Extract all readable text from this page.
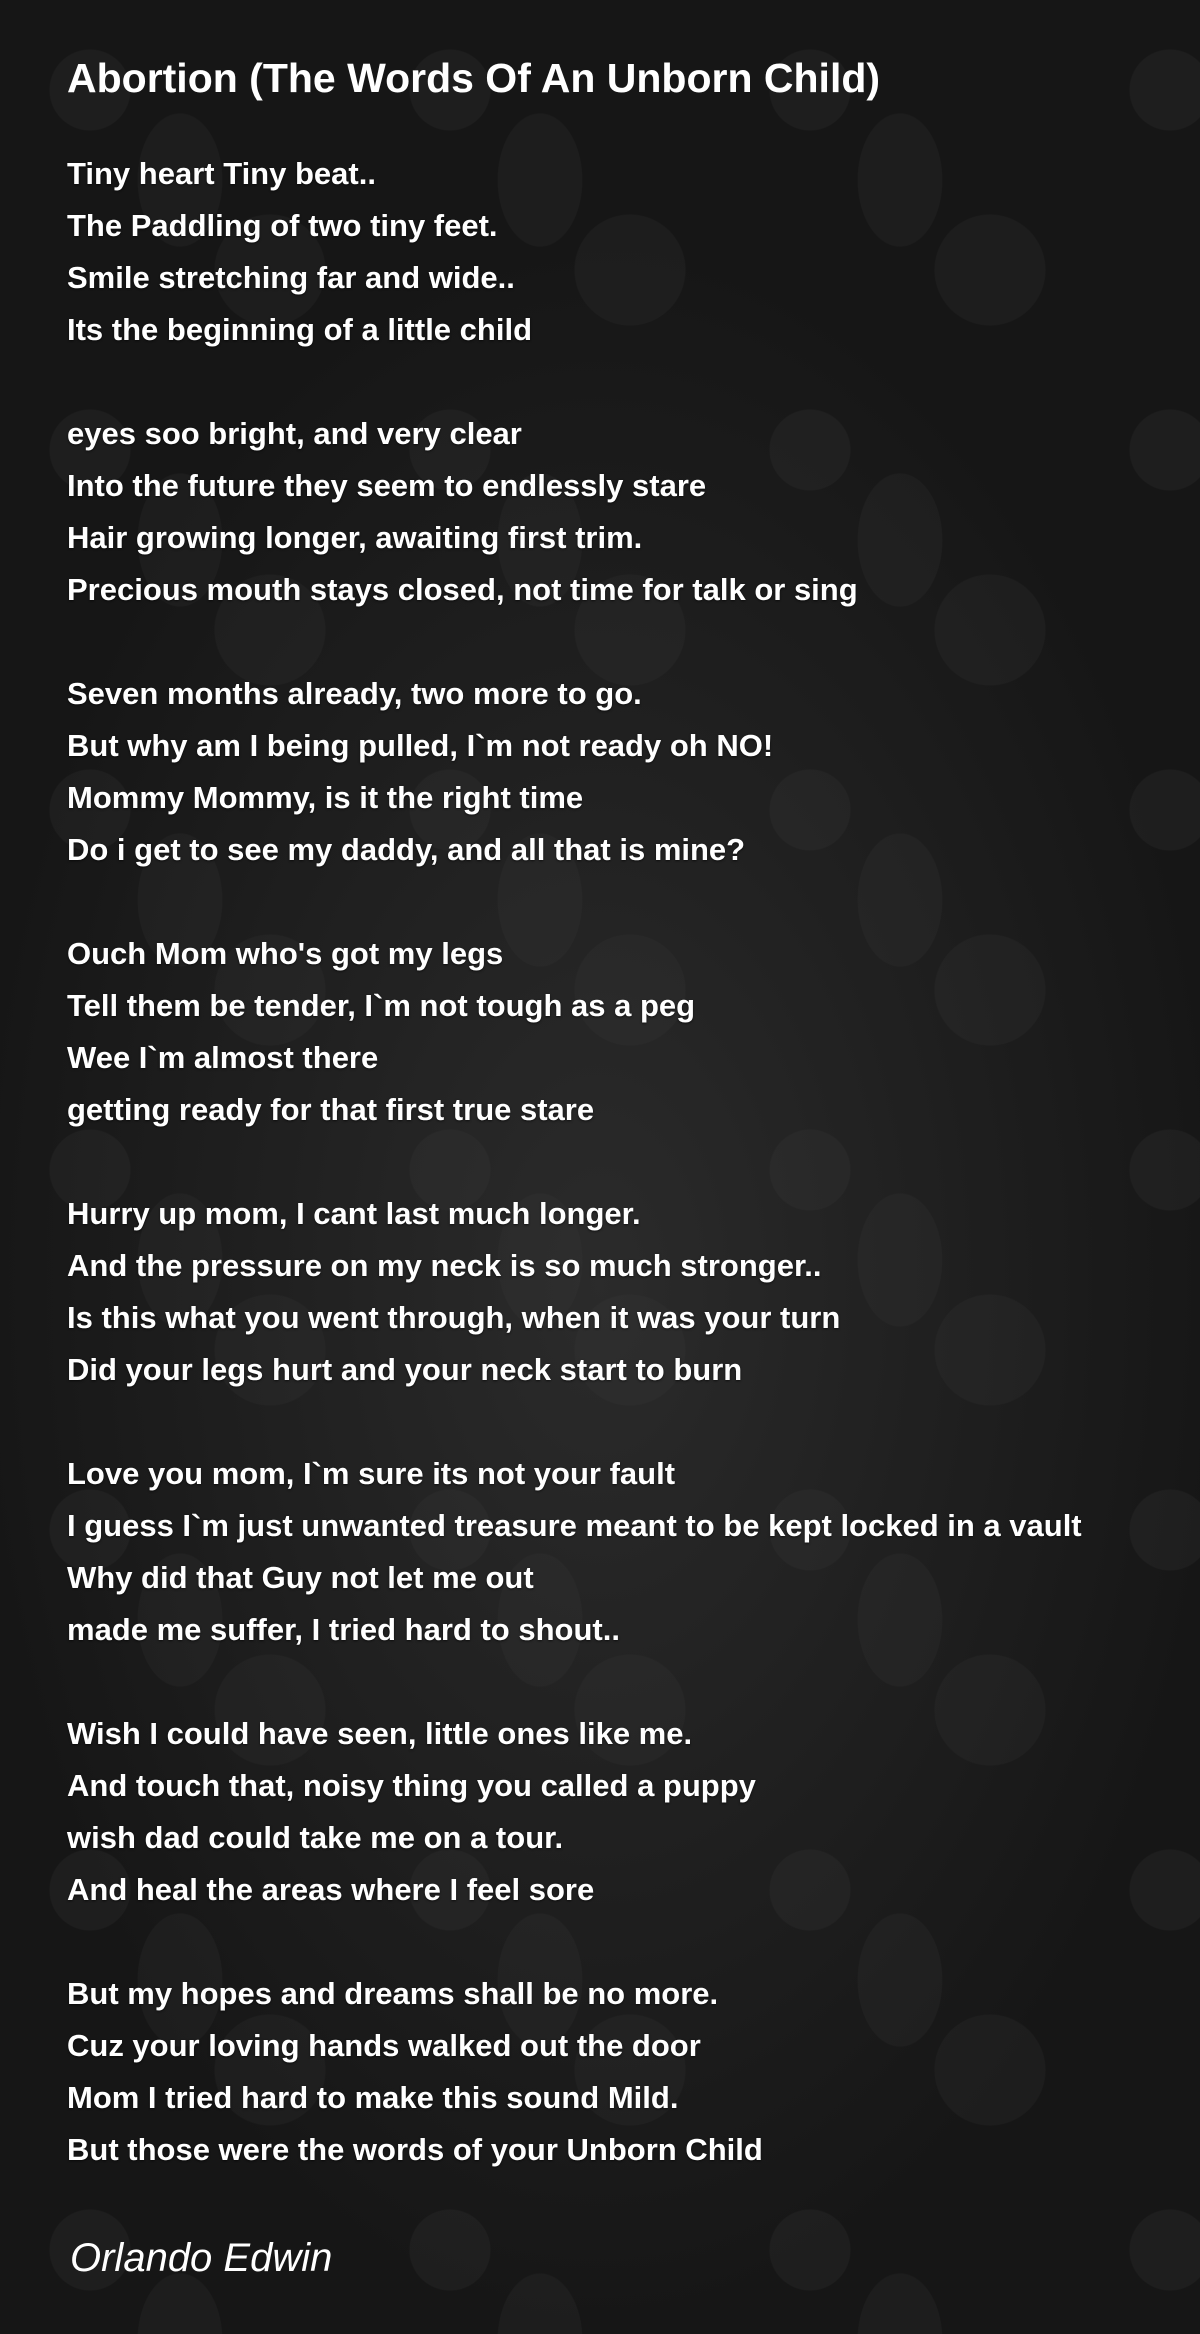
Abortion (The Words Of An Unborn Child)
Tiny heart Tiny beat..
The Paddling of two tiny feet.
Smile stretching far and wide..
Its the beginning of a little child
eyes soo bright, and very clear
Into the future they seem to endlessly stare
Hair growing longer, awaiting first trim.
Precious mouth stays closed, not time for talk or sing
Seven months already, two more to go.
But why am I being pulled, I`m not ready oh NO!
Mommy Mommy, is it the right time
Do i get to see my daddy, and all that is mine?
Ouch Mom who's got my legs
Tell them be tender, I`m not tough as a peg
Wee I`m almost there
getting ready for that first true stare
Hurry up mom, I cant last much longer.
And the pressure on my neck is so much stronger..
Is this what you went through, when it was your turn
Did your legs hurt and your neck start to burn
Love you mom, I`m sure its not your fault
I guess I`m just unwanted treasure meant to be kept locked in a vault
Why did that Guy not let me out
made me suffer, I tried hard to shout..
Wish I could have seen, little ones like me.
And touch that, noisy thing you called a puppy
wish dad could take me on a tour.
And heal the areas where I feel sore
But my hopes and dreams shall be no more.
Cuz your loving hands walked out the door
Mom I tried hard to make this sound Mild.
But those were the words of your Unborn Child
Orlando Edwin
